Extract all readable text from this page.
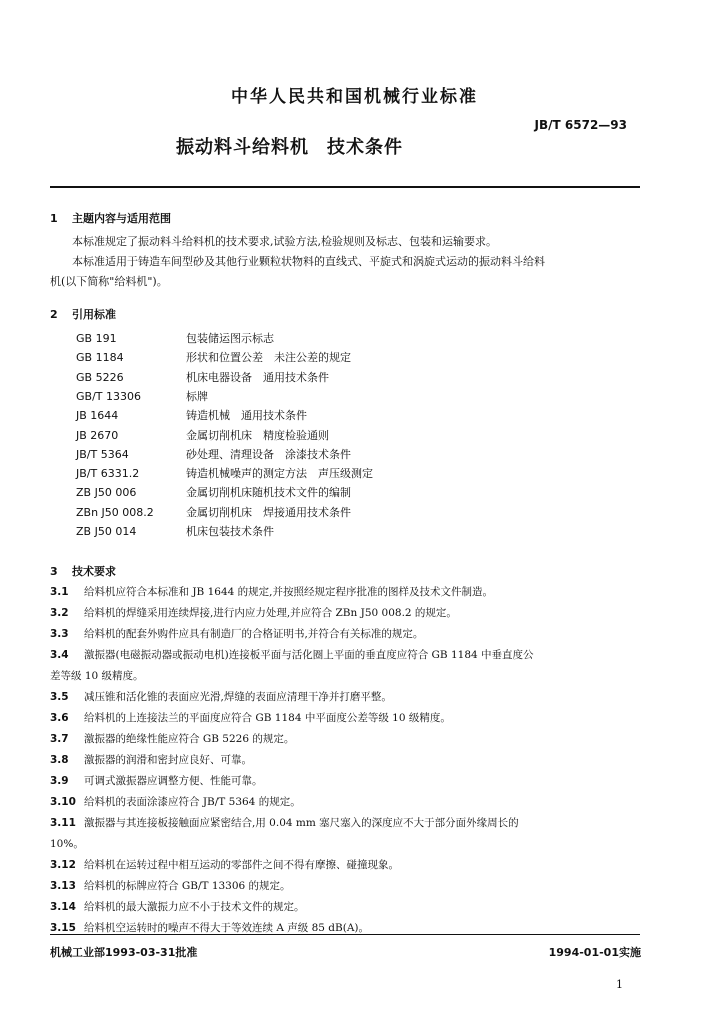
中华人民共和国机械行业标准
JB/T 6572—93
振动料斗给料机 技术条件
1 主题内容与适用范围
本标准规定了振动料斗给料机的技术要求,试验方法,检验规则及标志、包装和运输要求。
本标准适用于铸造车间型砂及其他行业颗粒状物料的直线式、平旋式和涡旋式运动的振动料斗给料
机(以下简称"给料机")。
2 引用标准
GB 191	包装储运图示标志
GB 1184	形状和位置公差　未注公差的规定
GB 5226	机床电器设备　通用技术条件
GB/T 13306	标牌
JB 1644	铸造机械　通用技术条件
JB 2670	金属切削机床　精度检验通则
JB/T 5364	砂处理、清理设备　涂漆技术条件
JB/T 6331.2	铸造机械噪声的测定方法　声压级测定
ZB J50 006	金属切削机床随机技术文件的编制
ZBn J50 008.2	金属切削机床　焊接通用技术条件
ZB J50 014	机床包装技术条件
3 技术要求
3.1 给料机应符合本标准和 JB 1644 的规定,并按照经规定程序批准的图样及技术文件制造。
3.2 给料机的焊缝采用连续焊接,进行内应力处理,并应符合 ZBn J50 008.2 的规定。
3.3 给料机的配套外购件应具有制造厂的合格证明书,并符合有关标准的规定。
3.4 激振器(电磁振动器或振动电机)连接板平面与活化圈上平面的垂直度应符合 GB 1184 中垂直度公
差等级 10 级精度。
3.5 减压锥和活化锥的表面应光滑,焊缝的表面应清理干净并打磨平整。
3.6 给料机的上连接法兰的平面度应符合 GB 1184 中平面度公差等级 10 级精度。
3.7 激振器的绝缘性能应符合 GB 5226 的规定。
3.8 激振器的润滑和密封应良好、可靠。
3.9 可调式激振器应调整方便、性能可靠。
3.10 给料机的表面涂漆应符合 JB/T 5364 的规定。
3.11 激振器与其连接板接触面应紧密结合,用 0.04 mm 塞尺塞入的深度应不大于部分面外缘周长的
10%。
3.12 给料机在运转过程中相互运动的零部件之间不得有摩擦、碰撞现象。
3.13 给料机的标牌应符合 GB/T 13306 的规定。
3.14 给料机的最大激振力应不小于技术文件的规定。
3.15 给料机空运转时的噪声不得大于等效连续 A 声级 85 dB(A)。
机械工业部1993-03-31批准	1994-01-01实施
1
